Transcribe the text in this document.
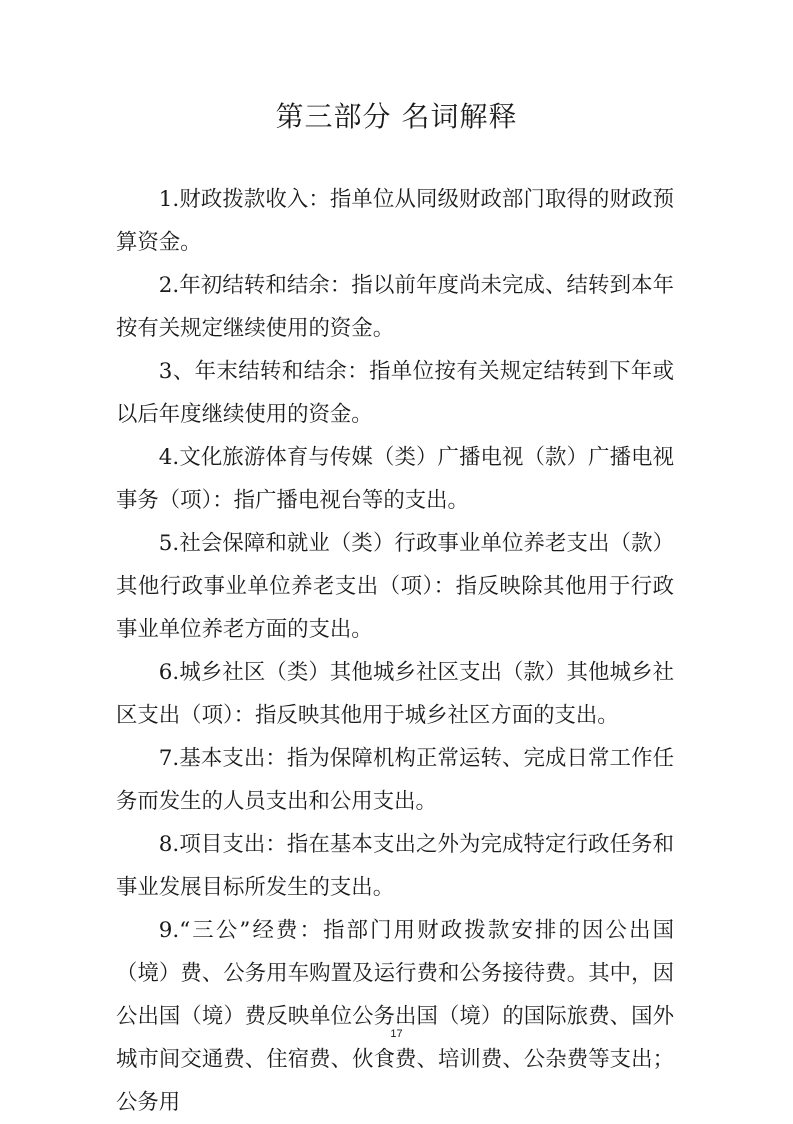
第三部分 名词解释

1.财政拨款收入：指单位从同级财政部门取得的财政预算资金。

2.年初结转和结余：指以前年度尚未完成、结转到本年按有关规定继续使用的资金。

3、年末结转和结余：指单位按有关规定结转到下年或以后年度继续使用的资金。

4.文化旅游体育与传媒（类）广播电视（款）广播电视事务（项）：指广播电视台等的支出。

5.社会保障和就业（类）行政事业单位养老支出（款）其他行政事业单位养老支出（项）：指反映除其他用于行政事业单位养老方面的支出。

6.城乡社区（类）其他城乡社区支出（款）其他城乡社区支出（项）：指反映其他用于城乡社区方面的支出。

7.基本支出：指为保障机构正常运转、完成日常工作任务而发生的人员支出和公用支出。

8.项目支出：指在基本支出之外为完成特定行政任务和事业发展目标所发生的支出。

9.“三公”经费：指部门用财政拨款安排的因公出国（境）费、公务用车购置及运行费和公务接待费。其中，因公出国（境）费反映单位公务出国（境）的国际旅费、国外城市间交通费、住宿费、伙食费、培训费、公杂费等支出；公务用

17
